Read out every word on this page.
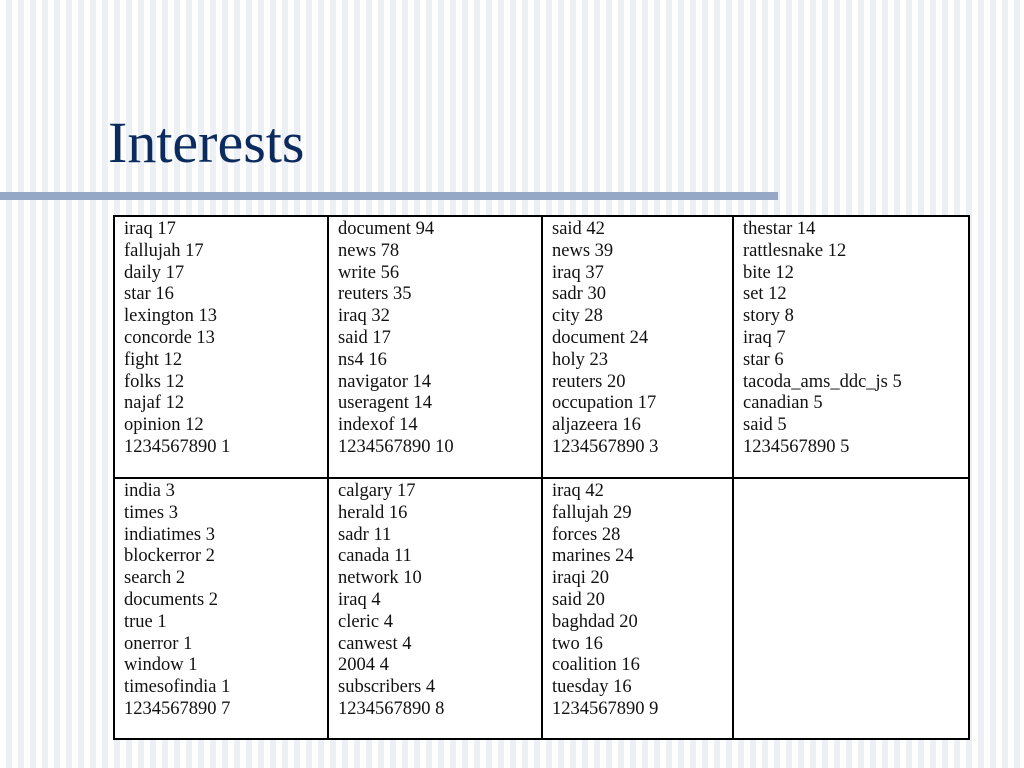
Interests
iraq 17
fallujah 17
daily 17
star 16
lexington 13
concorde 13
fight 12
folks 12
najaf 12
opinion 12
1234567890 1
document 94
news 78
write 56
reuters 35
iraq 32
said 17
ns4 16
navigator 14
useragent 14
indexof 14
1234567890 10
said 42
news 39
iraq 37
sadr 30
city 28
document 24
holy 23
reuters 20
occupation 17
aljazeera 16
1234567890 3
thestar 14
rattlesnake 12
bite 12
set 12
story 8
iraq 7
star 6
tacoda_ams_ddc_js 5
canadian 5
said 5
1234567890 5
india 3
times 3
indiatimes 3
blockerror 2
search 2
documents 2
true 1
onerror 1
window 1
timesofindia 1
1234567890 7
calgary 17
herald 16
sadr 11
canada 11
network 10
iraq 4
cleric 4
canwest 4
2004 4
subscribers 4
1234567890 8
iraq 42
fallujah 29
forces 28
marines 24
iraqi 20
said 20
baghdad 20
two 16
coalition 16
tuesday 16
1234567890 9
